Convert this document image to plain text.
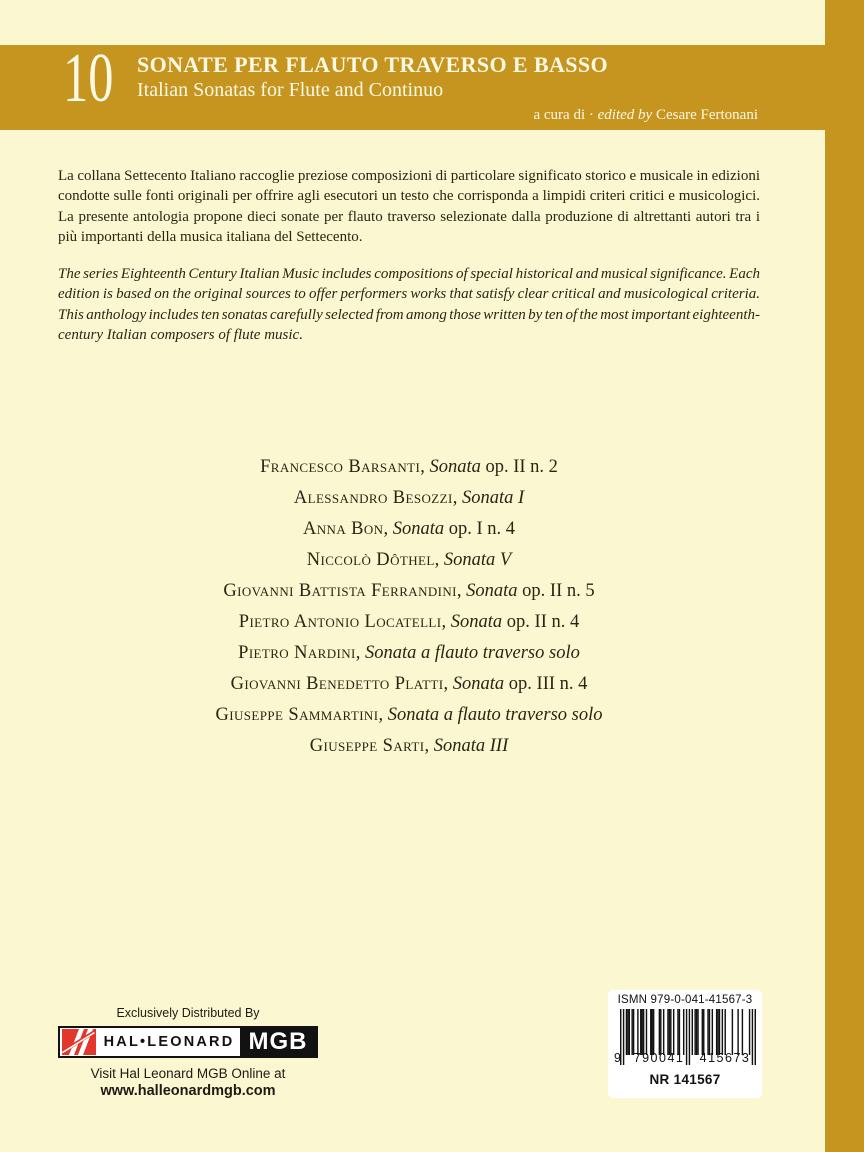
10 SONATE PER FLAUTO TRAVERSO E BASSO
Italian Sonatas for Flute and Continuo
a cura di · edited by Cesare Fertonani
La collana Settecento Italiano raccoglie preziose composizioni di particolare significato storico e musicale in edizioni
condotte sulle fonti originali per offrire agli esecutori un testo che corrisponda a limpidi criteri critici e musicologici.
La presente antologia propone dieci sonate per flauto traverso selezionate dalla produzione di altrettanti autori tra i
più importanti della musica italiana del Settecento.
The series Eighteenth Century Italian Music includes compositions of special historical and musical significance. Each
edition is based on the original sources to offer performers works that satisfy clear critical and musicological criteria.
This anthology includes ten sonatas carefully selected from among those written by ten of the most important eighteenth-
century Italian composers of flute music.
Francesco Barsanti, Sonata op. II n. 2
Alessandro Besozzi, Sonata I
Anna Bon, Sonata op. I n. 4
Niccolò Dôthel, Sonata V
Giovanni Battista Ferrandini, Sonata op. II n. 5
Pietro Antonio Locatelli, Sonata op. II n. 4
Pietro Nardini, Sonata a flauto traverso solo
Giovanni Benedetto Platti, Sonata op. III n. 4
Giuseppe Sammartini, Sonata a flauto traverso solo
Giuseppe Sarti, Sonata III
Exclusively Distributed By
HAL•LEONARD MGB
Visit Hal Leonard MGB Online at
www.halleonardmgb.com
ISMN 979-0-041-41567-3
9	790041	415673
NR 141567
